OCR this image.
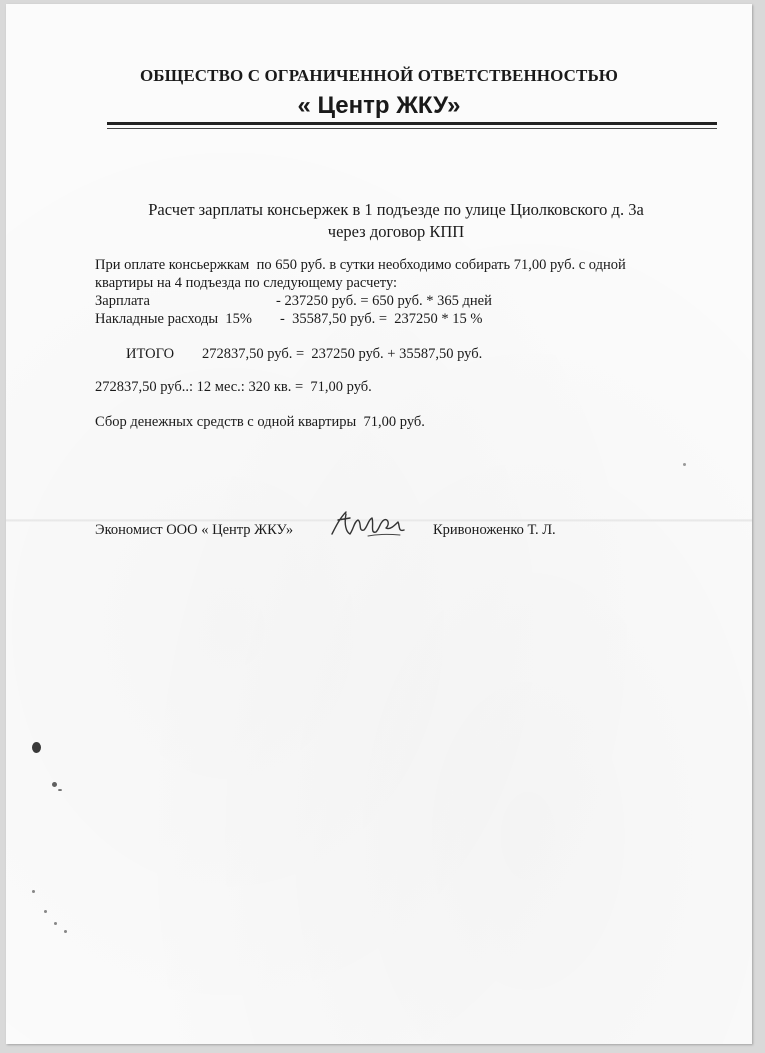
ОБЩЕСТВО С ОГРАНИЧЕННОЙ ОТВЕТСТВЕННОСТЬЮ
« Центр ЖКУ»
Расчет зарплаты консьержек в 1 подъезде по улице Циолковского д. 3а
через договор КПП
При оплате консьержкам  по 650 руб. в сутки необходимо собирать 71,00 руб. с одной
квартиры на 4 подъезда по следующему расчету:
Зарплата	- 237250 руб. = 650 руб. * 365 дней
Накладные расходы  15% -  35587,50 руб. =  237250 * 15 %
ИТОГО 272837,50 руб. =  237250 руб. + 35587,50 руб.
272837,50 руб..: 12 мес.: 320 кв. =  71,00 руб.
Сбор денежных средств с одной квартиры  71,00 руб.
Экономист ООО « Центр ЖКУ»	Кривоноженко Т. Л.
